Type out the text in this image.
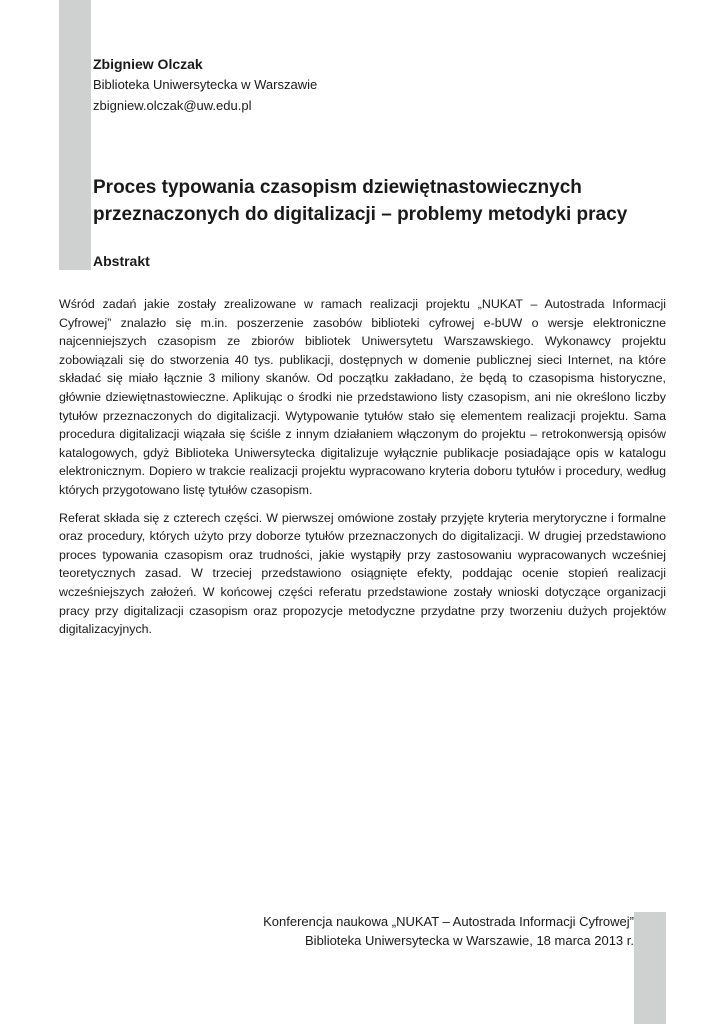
Zbigniew Olczak

Biblioteka Uniwersytecka w Warszawie

zbigniew.olczak@uw.edu.pl

Proces typowania czasopism dziewiętnastowiecznych przeznaczonych do digitalizacji – problemy metodyki pracy
Abstrakt

Wśród zadań jakie zostały zrealizowane w ramach realizacji projektu „NUKAT – Autostrada Informacji Cyfrowej” znalazło się m.in. poszerzenie zasobów biblioteki cyfrowej e-bUW o wersje elektroniczne najcenniejszych czasopism ze zbiorów bibliotek Uniwersytetu Warszawskiego. Wykonawcy projektu zobowiązali się do stworzenia 40 tys. publikacji, dostępnych w domenie publicznej sieci Internet, na które składać się miało łącznie 3 miliony skanów. Od początku zakładano, że będą to czasopisma historyczne, głównie dziewiętnastowieczne. Aplikując o środki nie przedstawiono listy czasopism, ani nie określono liczby tytułów przeznaczonych do digitalizacji. Wytypowanie tytułów stało się elementem realizacji projektu. Sama procedura digitalizacji wiązała się ściśle z innym działaniem włączonym do projektu – retrokonwersją opisów katalogowych, gdyż Biblioteka Uniwersytecka digitalizuje wyłącznie publikacje posiadające opis w katalogu elektronicznym. Dopiero w trakcie realizacji projektu wypracowano kryteria doboru tytułów i procedury, według których przygotowano listę tytułów czasopism.

Referat składa się z czterech części. W pierwszej omówione zostały przyjęte kryteria merytoryczne i formalne oraz procedury, których użyto przy doborze tytułów przeznaczonych do digitalizacji. W drugiej przedstawiono proces typowania czasopism oraz trudności, jakie wystąpiły przy zastosowaniu wypracowanych wcześniej teoretycznych zasad. W trzeciej przedstawiono osiągnięte efekty, poddając ocenie stopień realizacji wcześniejszych założeń. W końcowej części referatu przedstawione zostały wnioski dotyczące organizacji pracy przy digitalizacji czasopism oraz propozycje metodyczne przydatne przy tworzeniu dużych projektów digitalizacyjnych.

Konferencja naukowa „NUKAT – Autostrada Informacji Cyfrowej”
Biblioteka Uniwersytecka w Warszawie, 18 marca 2013 r.
